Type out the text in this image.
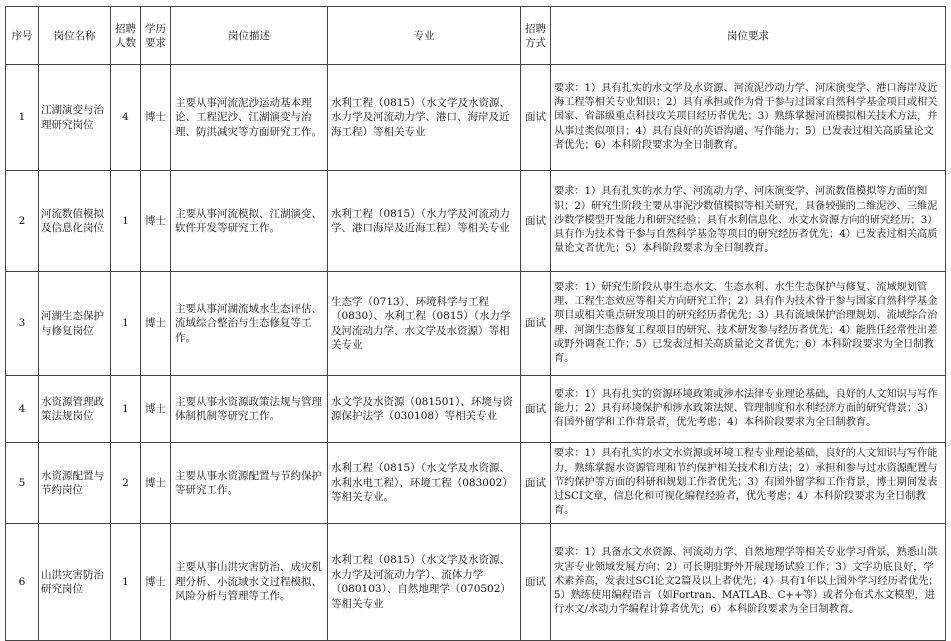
序号	岗位名称	招聘人数	学历要求	岗位描述	专业	招聘方式	岗位要求
1	江湖演变与治理研究岗位	4	博士	主要从事河流泥沙运动基本理论、工程泥沙、江湖演变与治理、防洪减灾等方面研究工作。	水利工程（0815）（水文学及水资源、水力学及河流动力学、港口、海岸及近海工程）等相关专业	面试	要求：1）具有扎实的水文学及水资源、河流泥沙动力学、河床演变学、港口海岸及近海工程等相关专业知识；2）具有承担或作为骨干参与过国家自然科学基金项目或相关国家、省部级重点科技攻关项目经历者优先；3）熟练掌握河流模拟相关技术方法，并从事过类似项目；4）具有良好的英语沟通、写作能力；5）已发表过相关高质量论文者优先；6）本科阶段要求为全日制教育。
2	河流数值模拟及信息化岗位	1	博士	主要从事河流模拟、江湖演变、软件开发等研究工作。	水利工程（0815）（水力学及河流动力学、港口海岸及近海工程）等相关专业	面试	要求：1）具有扎实的水力学、河流动力学、河床演变学、河流数值模拟等方面的知识；2）研究生阶段主要从事泥沙数值模拟等相关研究，具备较强的二维泥沙、三维泥沙数学模型开发能力和研究经验；具有水利信息化、水文水资源方向的研究经历；3）具有作为技术骨干参与自然科学基金等项目的研究经历者优先；4）已发表过相关高质量论文者优先；5）本科阶段要求为全日制教育。
3	河湖生态保护与修复岗位	1	博士	主要从事河湖流域水生态评估、流域综合整治与生态修复等工作。	生态学（0713）、环境科学与工程（0830）、水利工程（0815）（水力学及河流动力学、水文学及水资源）等相关专业	面试	要求：1）研究生阶段从事生态水文、生态水利、水生生态保护与修复、流域规划管理、工程生态效应等相关方向研究工作；2）具有作为技术骨干参与国家自然科学基金项目或相关重点研发项目的研究经历者优先；3）具有流域保护治理规划、流域综合治理、河湖生态修复工程项目的研究、技术研发参与经历者优先；4）能胜任经常性出差或野外调查工作；5）已发表过相关高质量论文者优先；6）本科阶段要求为全日制教育。
4	水资源管理政策法规岗位	1	博士	主要从事水资源政策法规与管理体制机制等研究工作。	水文学及水资源（081501）、环境与资源保护法学（030108）等相关专业	面试	要求：1）具有扎实的资源环境政策或涉水法律专业理论基础，良好的人文知识与写作能力；2）具有环境保护和涉水政策法规、管理制度和水利经济方面的研究背景；3）有国外留学和工作背景者，优先考虑；4）本科阶段要求为全日制教育。
5	水资源配置与节约岗位	2	博士	主要从事水资源配置与节约保护等研究工作。	水利工程（0815）（水文学及水资源、水利水电工程）、环境工程（083002）等相关专业。	面试	要求：1）具有扎实的水文水资源或环境工程专业理论基础，良好的人文知识与写作能力，熟练掌握水资源管理和节约保护相关技术和方法；2）承担和参与过水资源配置与节约保护等方面的科研和规划工作者优先；3）有国外留学和工作背景，博士期间发表过SCI文章，信息化和可视化编程经验者，优先考虑；4）本科阶段要求为全日制教育。
6	山洪灾害防治研究岗位	1	博士	主要从事山洪灾害防治、成灾机理分析、小流域水文过程模拟、风险分析与管理等工作。	水利工程（0815）（水文学及水资源、水力学及河流动力学）、流体力学（080103）、自然地理学（070502）等相关专业	面试	要求：1）具备水文水资源、河流动力学、自然地理学等相关专业学习背景，熟悉山洪灾害专业领域发展方向；2）可长期驻野外开展现场试验工作；3）文字功底良好，学术素养高，发表过SCI论文2篇及以上者优先；4）具有1年以上国外学习经历者优先；5）熟练使用编程语言（如Fortran、MATLAB、C++等）或者分布式水文模型，进行水文/水动力学编程计算者优先；6）本科阶段要求为全日制教育。
